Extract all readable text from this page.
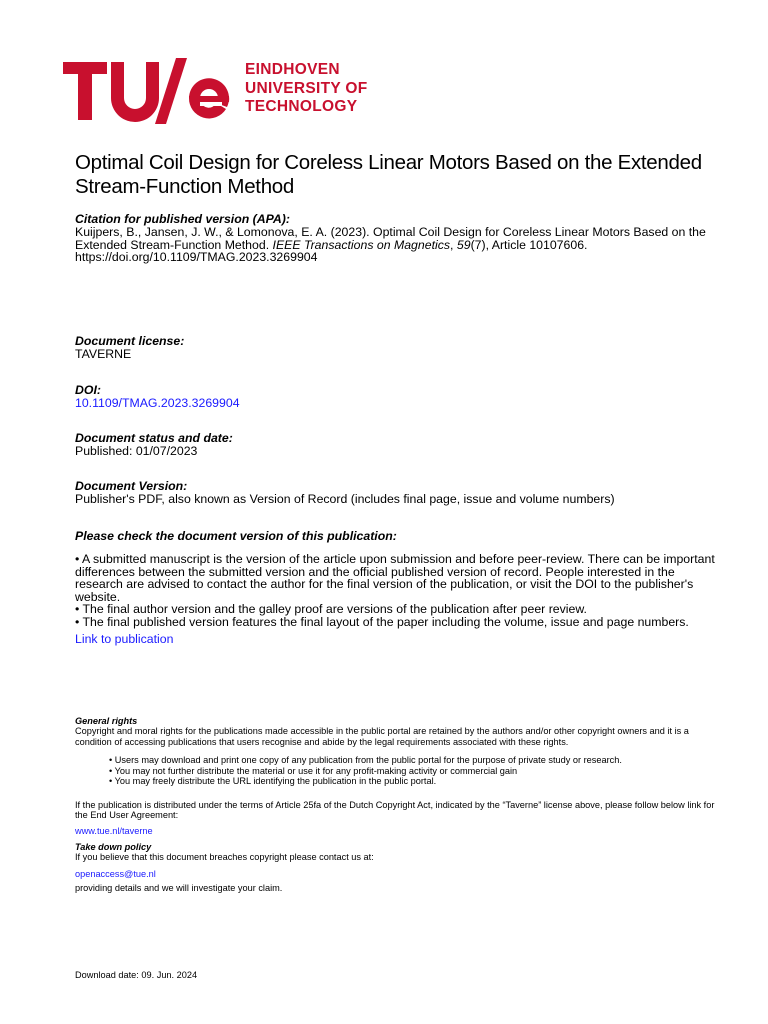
EINDHOVEN
UNIVERSITY OF
TECHNOLOGY
Optimal Coil Design for Coreless Linear Motors Based on the Extended Stream-Function Method
Citation for published version (APA):
Kuijpers, B., Jansen, J. W., & Lomonova, E. A. (2023). Optimal Coil Design for Coreless Linear Motors Based on the Extended Stream-Function Method. IEEE Transactions on Magnetics, 59(7), Article 10107606.
https://doi.org/10.1109/TMAG.2023.3269904
Document license:
TAVERNE
DOI:
10.1109/TMAG.2023.3269904
Document status and date:
Published: 01/07/2023
Document Version:
Publisher's PDF, also known as Version of Record (includes final page, issue and volume numbers)
Please check the document version of this publication:
• A submitted manuscript is the version of the article upon submission and before peer-review. There can be important differences between the submitted version and the official published version of record. People interested in the research are advised to contact the author for the final version of the publication, or visit the DOI to the publisher's website.
• The final author version and the galley proof are versions of the publication after peer review.
• The final published version features the final layout of the paper including the volume, issue and page numbers.
Link to publication
General rights
Copyright and moral rights for the publications made accessible in the public portal are retained by the authors and/or other copyright owners and it is a condition of accessing publications that users recognise and abide by the legal requirements associated with these rights.
• Users may download and print one copy of any publication from the public portal for the purpose of private study or research.
• You may not further distribute the material or use it for any profit-making activity or commercial gain
• You may freely distribute the URL identifying the publication in the public portal.
If the publication is distributed under the terms of Article 25fa of the Dutch Copyright Act, indicated by the “Taverne” license above, please follow below link for the End User Agreement:
www.tue.nl/taverne
Take down policy
If you believe that this document breaches copyright please contact us at:
openaccess@tue.nl
providing details and we will investigate your claim.
Download date: 09. Jun. 2024
